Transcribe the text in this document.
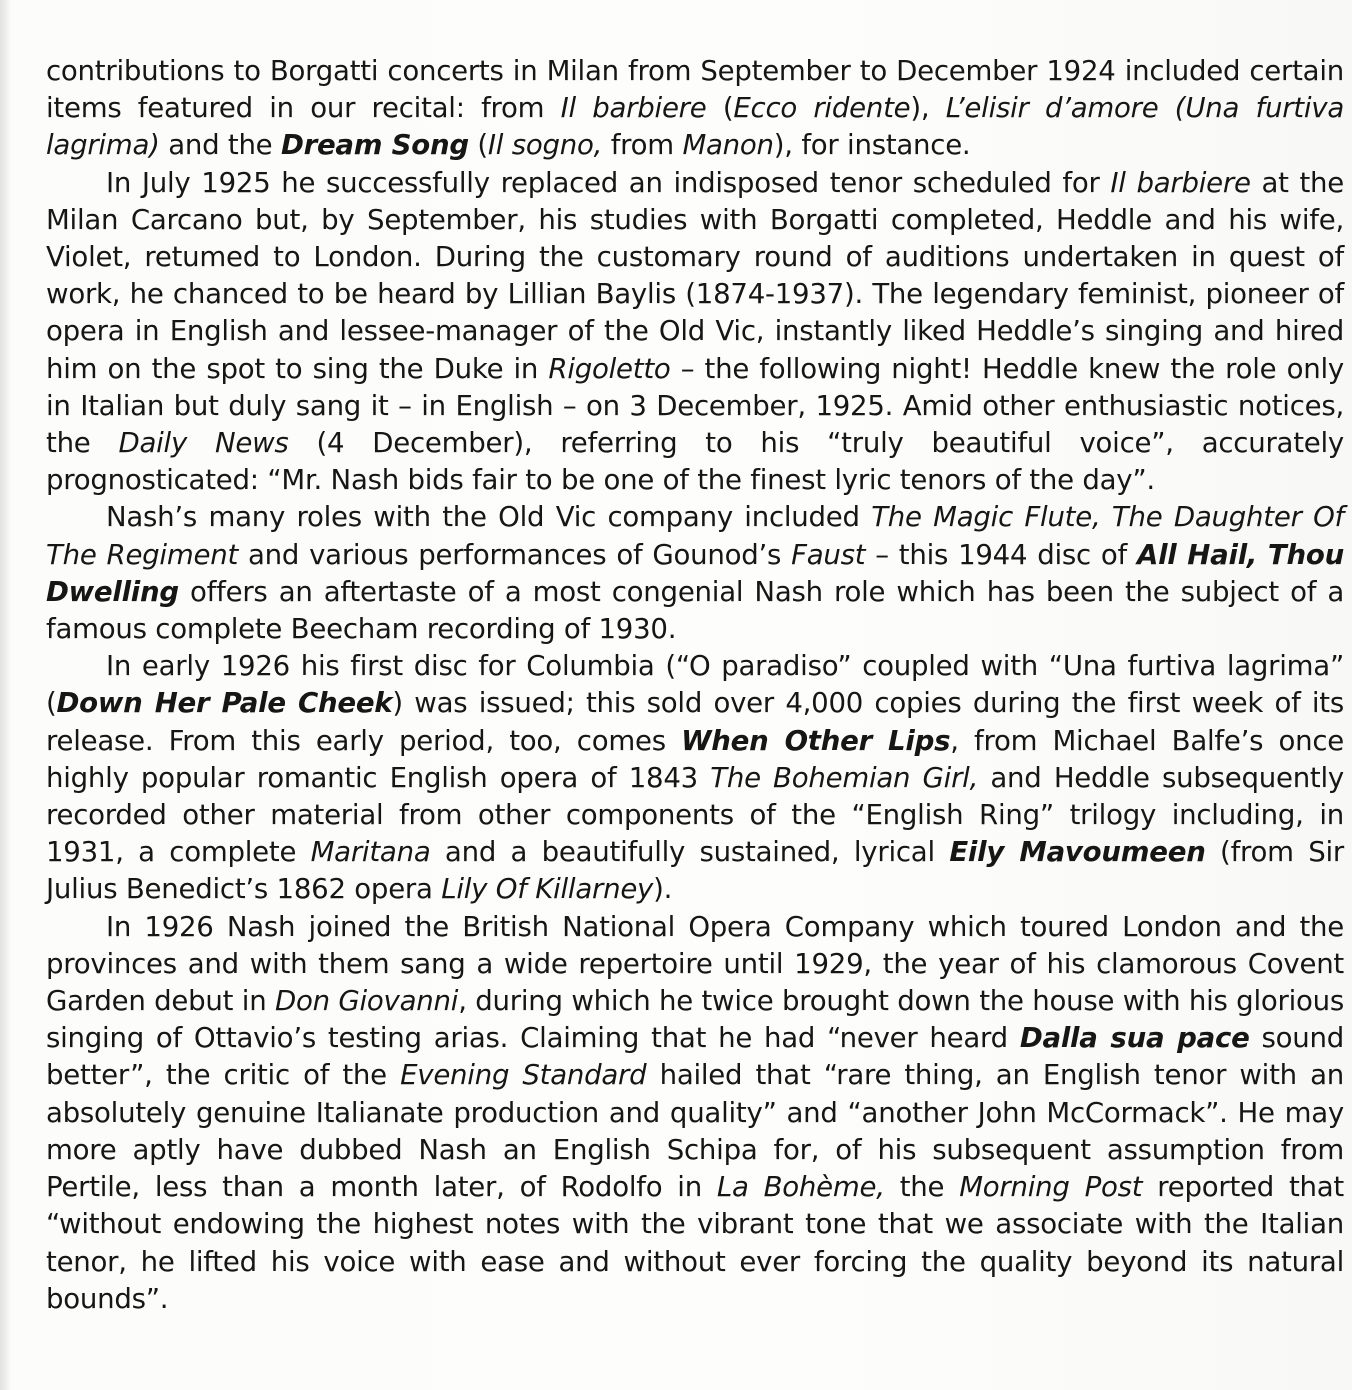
contributions to Borgatti concerts in Milan from September to December 1924 included certain items featured in our recital: from Il barbiere (Ecco ridente), L’elisir d’amore (Una furtiva lagrima) and the Dream Song (Il sogno, from Manon), for instance.

In July 1925 he successfully replaced an indisposed tenor scheduled for Il barbiere at the Milan Carcano but, by September, his studies with Borgatti completed, Heddle and his wife, Violet, retumed to London. During the customary round of auditions undertaken in quest of work, he chanced to be heard by Lillian Baylis (1874-1937). The legendary feminist, pioneer of opera in English and lessee-manager of the Old Vic, instantly liked Heddle’s singing and hired him on the spot to sing the Duke in Rigoletto – the following night! Heddle knew the role only in Italian but duly sang it – in English – on 3 December, 1925. Amid other enthusiastic notices, the Daily News (4 December), referring to his “truly beautiful voice”, accurately prognosticated: “Mr. Nash bids fair to be one of the finest lyric tenors of the day”.

Nash’s many roles with the Old Vic company included The Magic Flute, The Daughter Of The Regiment and various performances of Gounod’s Faust – this 1944 disc of All Hail, Thou Dwelling offers an aftertaste of a most congenial Nash role which has been the subject of a famous complete Beecham recording of 1930.

In early 1926 his first disc for Columbia (“O paradiso” coupled with “Una furtiva lagrima” (Down Her Pale Cheek) was issued; this sold over 4,000 copies during the first week of its release. From this early period, too, comes When Other Lips, from Michael Balfe’s once highly popular romantic English opera of 1843 The Bohemian Girl, and Heddle subsequently recorded other material from other components of the “English Ring” trilogy including, in 1931, a complete Maritana and a beautifully sustained, lyrical Eily Mavoumeen (from Sir Julius Benedict’s 1862 opera Lily Of Killarney).

In 1926 Nash joined the British National Opera Company which toured London and the provinces and with them sang a wide repertoire until 1929, the year of his clamorous Covent Garden debut in Don Giovanni, during which he twice brought down the house with his glorious singing of Ottavio’s testing arias. Claiming that he had “never heard Dalla sua pace sound better”, the critic of the Evening Standard hailed that “rare thing, an English tenor with an absolutely genuine Italianate production and quality” and “another John McCormack”. He may more aptly have dubbed Nash an English Schipa for, of his subsequent assumption from Pertile, less than a month later, of Rodolfo in La Bohème, the Morning Post reported that “without endowing the highest notes with the vibrant tone that we associate with the Italian tenor, he lifted his voice with ease and without ever forcing the quality beyond its natural bounds”.
